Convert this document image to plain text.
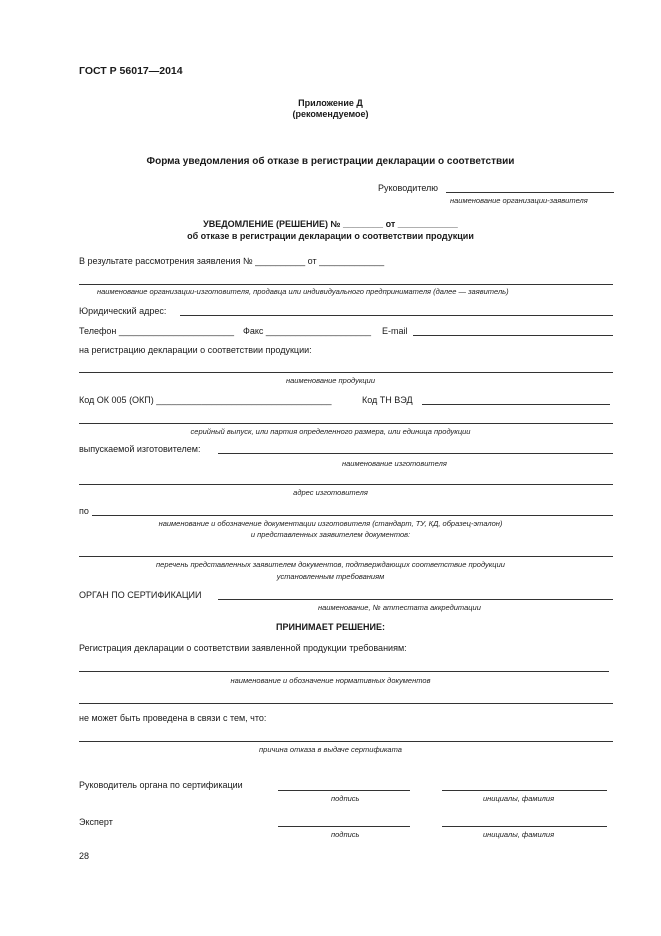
ГОСТ Р 56017—2014
Приложение Д
(рекомендуемое)
Форма уведомления об отказе в регистрации декларации о соответствии
Руководителю
наименование организации-заявителя
УВЕДОМЛЕНИЕ (РЕШЕНИЕ) № ________ от ____________
об отказе в регистрации декларации о соответствии продукции
В результате рассмотрения заявления № __________ от _____________
наименование организации-изготовителя, продавца или индивидуального предпринимателя (далее — заявитель)
Юридический адрес:
Телефон _______________________ Факс _____________________ E-mail
на регистрацию декларации о соответствии продукции:
наименование продукции
Код ОК 005 (ОКП) ___________________________________	Код ТН ВЭД
серийный выпуск, или партия определенного размера, или единица продукции
выпускаемой изготовителем:
наименование изготовителя
адрес изготовителя
по
наименование и обозначение документации изготовителя (стандарт, ТУ, КД, образец-эталон)
и представленных заявителем документов:
перечень представленных заявителем документов, подтверждающих соответствие продукции
установленным требованиям
ОРГАН ПО СЕРТИФИКАЦИИ
наименование, № аттестата аккредитации
ПРИНИМАЕТ РЕШЕНИЕ:
Регистрация декларации о соответствии заявленной продукции требованиям:
наименование и обозначение нормативных документов
не может быть проведена в связи с тем, что:
причина отказа в выдаче сертификата
Руководитель органа по сертификации
подпись	инициалы, фамилия
Эксперт
подпись	инициалы, фамилия
28
